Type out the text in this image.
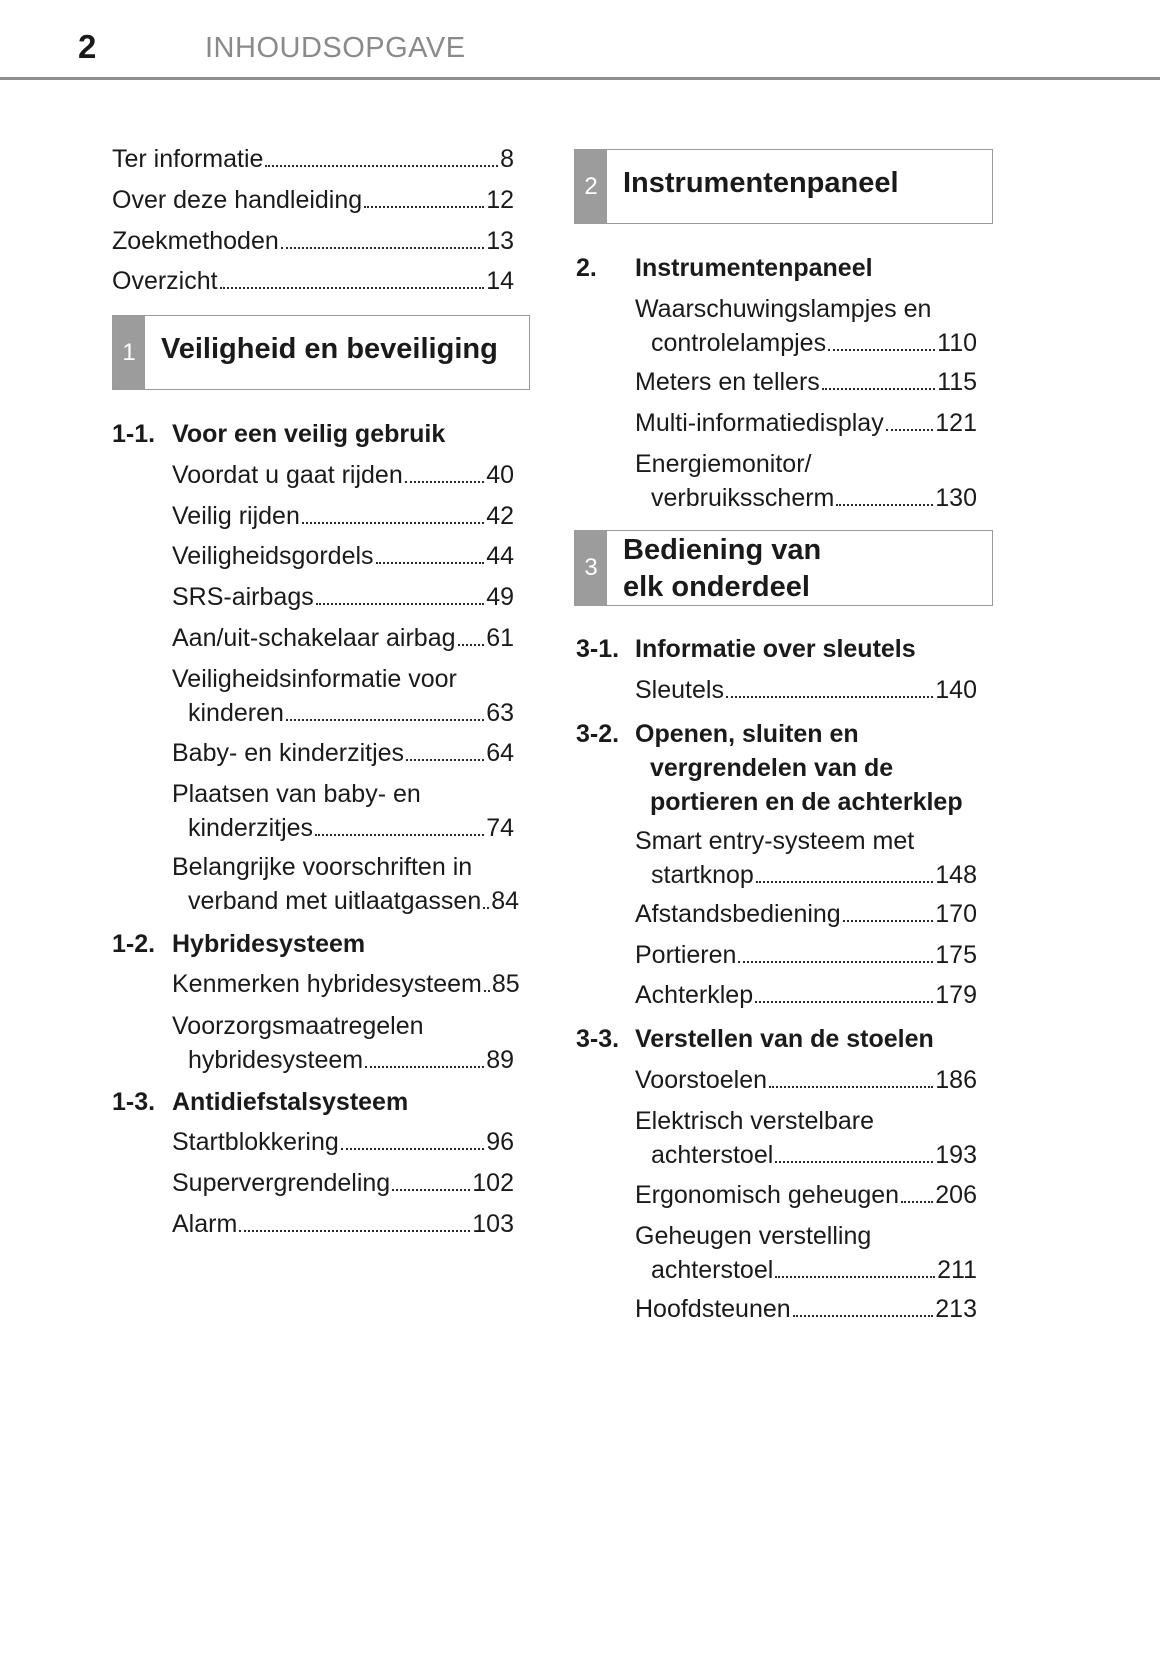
2	INHOUDSOPGAVE
Ter informatie	8
Over deze handleiding	12
Zoekmethoden	13
Overzicht	14
1 Veiligheid en beveiliging
1-1. Voor een veilig gebruik
Voordat u gaat rijden	40
Veilig rijden	42
Veiligheidsgordels	44
SRS-airbags	49
Aan/uit-schakelaar airbag 61
Veiligheidsinformatie voor
kinderen	63
Baby- en kinderzitjes	64
Plaatsen van baby- en
kinderzitjes	74
Belangrijke voorschriften in
verband met uitlaatgassen 84
1-2. Hybridesysteem
Kenmerken hybridesysteem 85
Voorzorgsmaatregelen
hybridesysteem	89
1-3. Antidiefstalsysteem
Startblokkering	96
Supervergrendeling	102
Alarm	103
2 Instrumentenpaneel
2. Instrumentenpaneel
Waarschuwingslampjes en
controlelampjes	110
Meters en tellers	115
Multi-informatiedisplay 121
Energiemonitor/
verbruiksscherm	130
3
Bediening van
elk onderdeel
3-1. Informatie over sleutels
Sleutels	140
3-2. Openen, sluiten en
vergrendelen van de
portieren en de achterklep
Smart entry-systeem met
startknop	148
Afstandsbediening	170
Portieren	175
Achterklep	179
3-3. Verstellen van de stoelen
Voorstoelen	186
Elektrisch verstelbare
achterstoel	193
Ergonomisch geheugen 206
Geheugen verstelling
achterstoel	211
Hoofdsteunen	213
